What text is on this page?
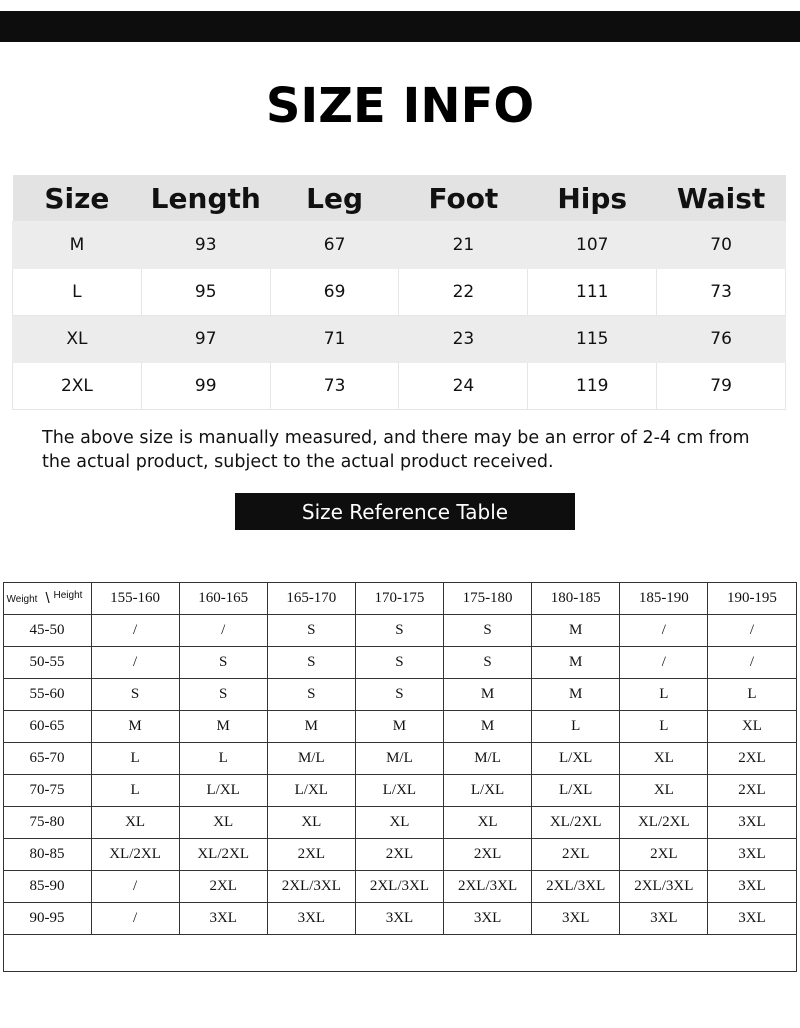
SIZE INFO
Size	Length	Leg	Foot	Hips	Waist
M	93	67	21	107	70
L	95	69	22	111	73
XL	97	71	23	115	76
2XL	99	73	24	119	79
The above size is manually measured, and there may be an error of 2-4 cm from the actual product, subject to the actual product received.
Size Reference Table
Weight \ Height	155-160	160-165	165-170	170-175	175-180	180-185	185-190	190-195
45-50	/	/	S	S	S	M	/	/
50-55	/	S	S	S	S	M	/	/
55-60	S	S	S	S	M	M	L	L
60-65	M	M	M	M	M	L	L	XL
65-70	L	L	M/L	M/L	M/L	L/XL	XL	2XL
70-75	L	L/XL	L/XL	L/XL	L/XL	L/XL	XL	2XL
75-80	XL	XL	XL	XL	XL	XL/2XL	XL/2XL	3XL
80-85	XL/2XL	XL/2XL	2XL	2XL	2XL	2XL	2XL	3XL
85-90	/	2XL	2XL/3XL	2XL/3XL	2XL/3XL	2XL/3XL	2XL/3XL	3XL
90-95	/	3XL	3XL	3XL	3XL	3XL	3XL	3XL
